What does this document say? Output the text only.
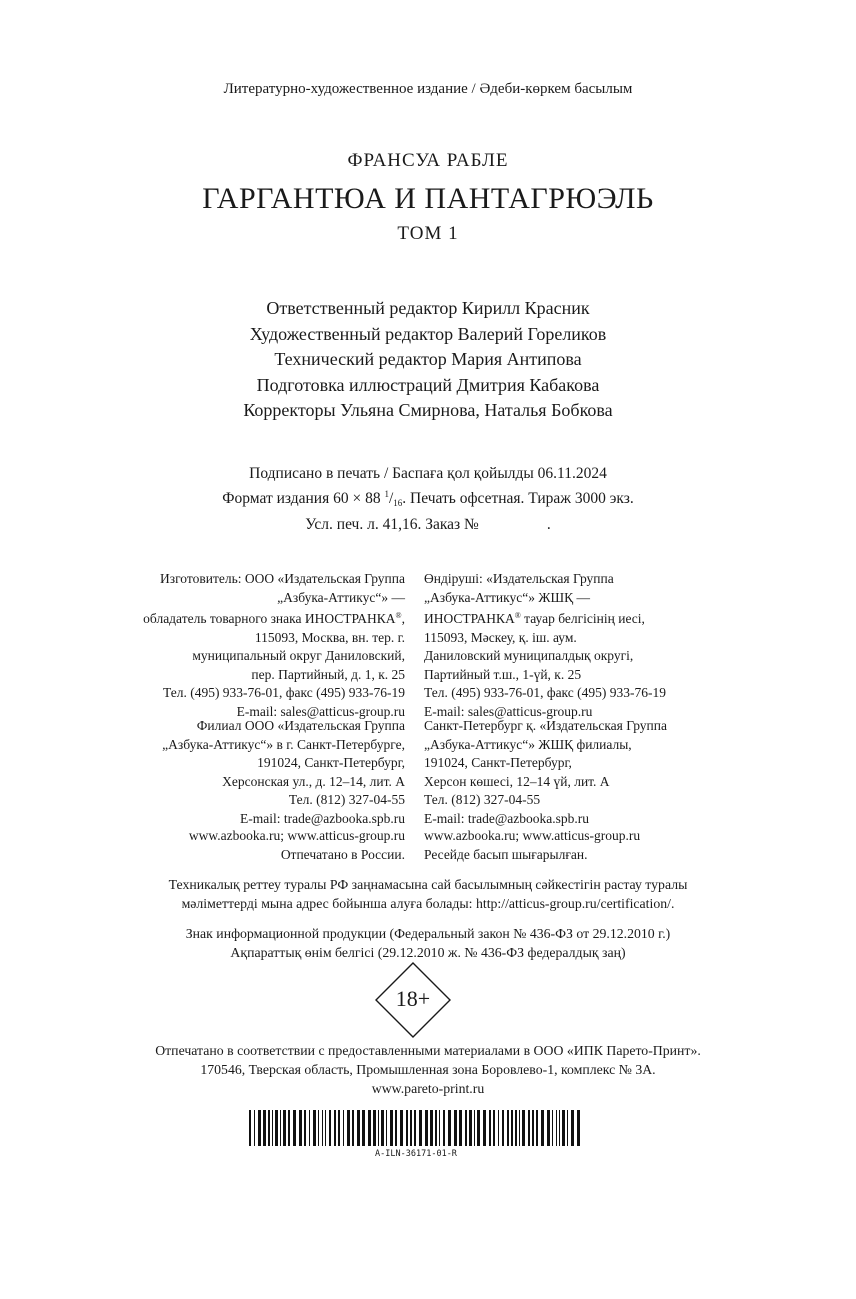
Литературно-художественное издание / Әдеби-көркем басылым
ФРАНСУА РАБЛЕ
ГАРГАНТЮА И ПАНТАГРЮЭЛЬ
ТОМ 1
Ответственный редактор Кирилл Красник
Художественный редактор Валерий Гореликов
Технический редактор Мария Антипова
Подготовка иллюстраций Дмитрия Кабакова
Корректоры Ульяна Смирнова, Наталья Бобкова
Подписано в печать / Баспаға қол қойылды 06.11.2024
Формат издания 60 × 88 $^1/_{16}$. Печать офсетная. Тираж 3000 экз.
Усл. печ. л. 41,16. Заказ №	.
Изготовитель: ООО «Издательская Группа
„Азбука-Аттикус“» —
обладатель товарного знака ИНОСТРАНКА®,
115093, Москва, вн. тер. г.
муниципальный округ Даниловский,
пер. Партийный, д. 1, к. 25
Тел. (495) 933-76-01, факс (495) 933-76-19
E-mail: sales@atticus-group.ru
Өндіруші: «Издательская Группа
„Азбука-Аттикус“» ЖШҚ —
ИНОСТРАНКА® тауар белгісінің иесі,
115093, Мәскеу, қ. іш. аум.
Даниловский муниципалдық округі,
Партийный т.ш., 1-үй, к. 25
Тел. (495) 933-76-01, факс (495) 933-76-19
E-mail: sales@atticus-group.ru
Филиал ООО «Издательская Группа
„Азбука-Аттикус“» в г. Санкт-Петербурге,
191024, Санкт-Петербург,
Херсонская ул., д. 12–14, лит. А
Тел. (812) 327-04-55
E-mail: trade@azbooka.spb.ru
Санкт-Петербург қ. «Издательская Группа
„Азбука-Аттикус“» ЖШҚ филиалы,
191024, Санкт-Петербург,
Херсон көшесі, 12–14 үй, лит. А
Тел. (812) 327-04-55
E-mail: trade@azbooka.spb.ru
www.azbooka.ru; www.atticus-group.ru
Отпечатано в России.
www.azbooka.ru; www.atticus-group.ru
Ресейде басып шығарылған.
Техникалық реттеу туралы РФ заңнамасына сай басылымның сәйкестігін растау туралы
мәліметтерді мына адрес бойынша алуға болады: http://atticus-group.ru/certification/.
Знак информационной продукции (Федеральный закон № 436-ФЗ от 29.12.2010 г.)
Ақпараттық өнім белгісі (29.12.2010 ж. № 436-ФЗ федералдық заң)
18+
Отпечатано в соответствии с предоставленными материалами в ООО «ИПК Парето-Принт».
170546, Тверская область, Промышленная зона Боровлево-1, комплекс № 3А.
www.pareto-print.ru
A-ILN-36171-01-R
